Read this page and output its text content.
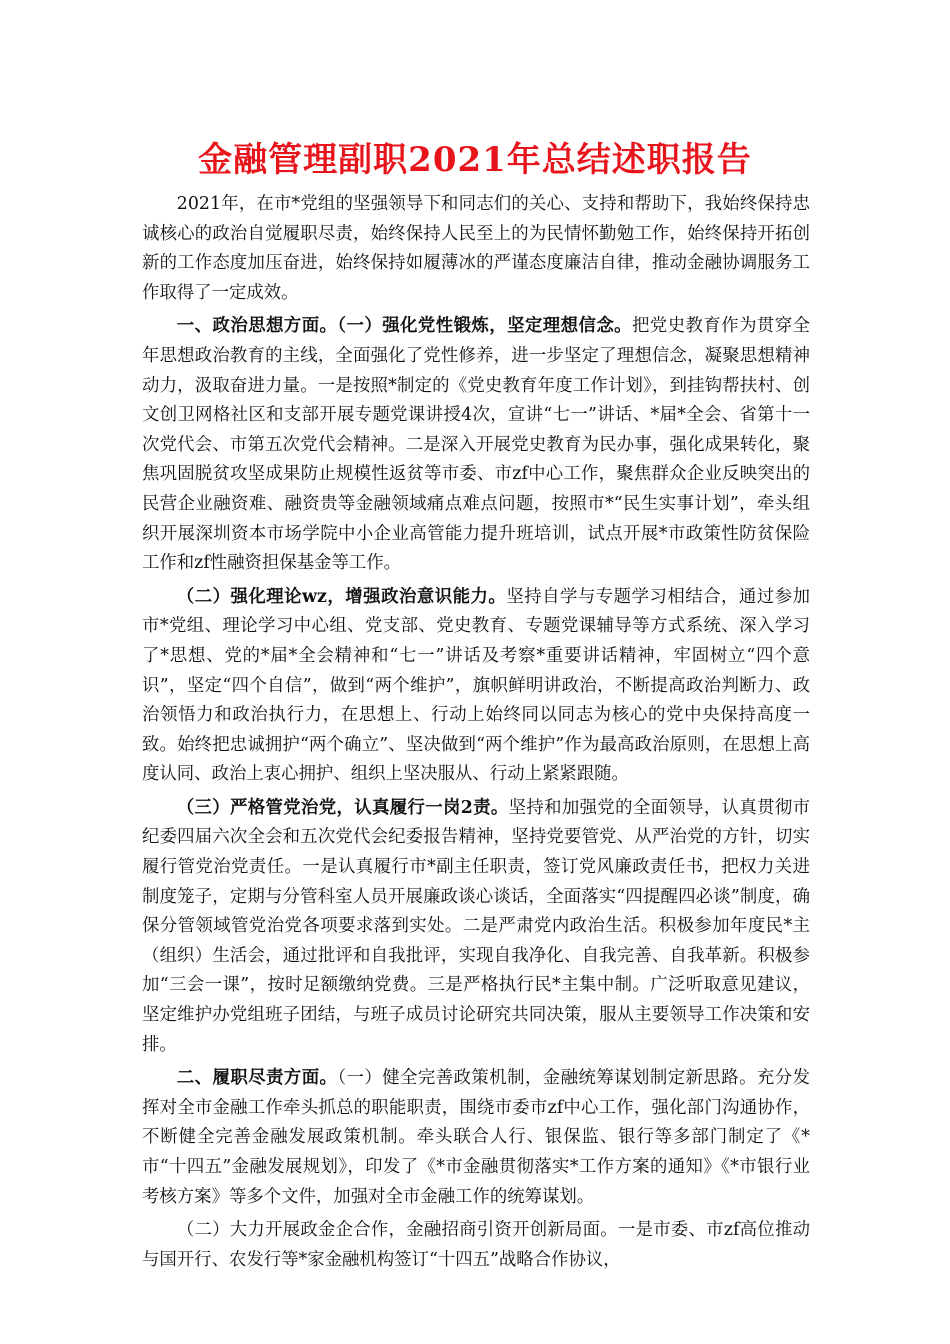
金融管理副职2021年总结述职报告

2021年，在市*党组的坚强领导下和同志们的关心、支持和帮助下，我始终保持忠诚核心的政治自觉履职尽责，始终保持人民至上的为民情怀勤勉工作，始终保持开拓创新的工作态度加压奋进，始终保持如履薄冰的严谨态度廉洁自律，推动金融协调服务工作取得了一定成效。

一、政治思想方面。（一）强化党性锻炼，坚定理想信念。把党史教育作为贯穿全年思想政治教育的主线，全面强化了党性修养，进一步坚定了理想信念，凝聚思想精神动力，汲取奋进力量。一是按照*制定的《党史教育年度工作计划》，到挂钩帮扶村、创文创卫网格社区和支部开展专题党课讲授4次，宣讲“七一”讲话、*届*全会、省第十一次党代会、市第五次党代会精神。二是深入开展党史教育为民办事，强化成果转化，聚焦巩固脱贫攻坚成果防止规模性返贫等市委、市zf中心工作，聚焦群众企业反映突出的民营企业融资难、融资贵等金融领域痛点难点问题，按照市*“民生实事计划”，牵头组织开展深圳资本市场学院中小企业高管能力提升班培训，试点开展*市政策性防贫保险工作和zf性融资担保基金等工作。

（二）强化理论wz，增强政治意识能力。坚持自学与专题学习相结合，通过参加市*党组、理论学习中心组、党支部、党史教育、专题党课辅导等方式系统、深入学习了*思想、党的*届*全会精神和“七一”讲话及考察*重要讲话精神，牢固树立“四个意识”，坚定“四个自信”，做到“两个维护”，旗帜鲜明讲政治，不断提高政治判断力、政治领悟力和政治执行力，在思想上、行动上始终同以同志为核心的党中央保持高度一致。始终把忠诚拥护“两个确立”、坚决做到“两个维护”作为最高政治原则，在思想上高度认同、政治上衷心拥护、组织上坚决服从、行动上紧紧跟随。

（三）严格管党治党，认真履行一岗2责。坚持和加强党的全面领导，认真贯彻市纪委四届六次全会和五次党代会纪委报告精神，坚持党要管党、从严治党的方针，切实履行管党治党责任。一是认真履行市*副主任职责，签订党风廉政责任书，把权力关进制度笼子，定期与分管科室人员开展廉政谈心谈话，全面落实“四提醒四必谈”制度，确保分管领域管党治党各项要求落到实处。二是严肃党内政治生活。积极参加年度民*主（组织）生活会，通过批评和自我批评，实现自我净化、自我完善、自我革新。积极参加“三会一课”，按时足额缴纳党费。三是严格执行民*主集中制。广泛听取意见建议，坚定维护办党组班子团结，与班子成员讨论研究共同决策，服从主要领导工作决策和安排。

二、履职尽责方面。（一）健全完善政策机制，金融统筹谋划制定新思路。充分发挥对全市金融工作牵头抓总的职能职责，围绕市委市zf中心工作，强化部门沟通协作，不断健全完善金融发展政策机制。牵头联合人行、银保监、银行等多部门制定了《*市“十四五”金融发展规划》，印发了《*市金融贯彻落实*工作方案的通知》《*市银行业考核方案》等多个文件，加强对全市金融工作的统筹谋划。

（二）大力开展政金企合作，金融招商引资开创新局面。一是市委、市zf高位推动与国开行、农发行等*家金融机构签订“十四五”战略合作协议，
